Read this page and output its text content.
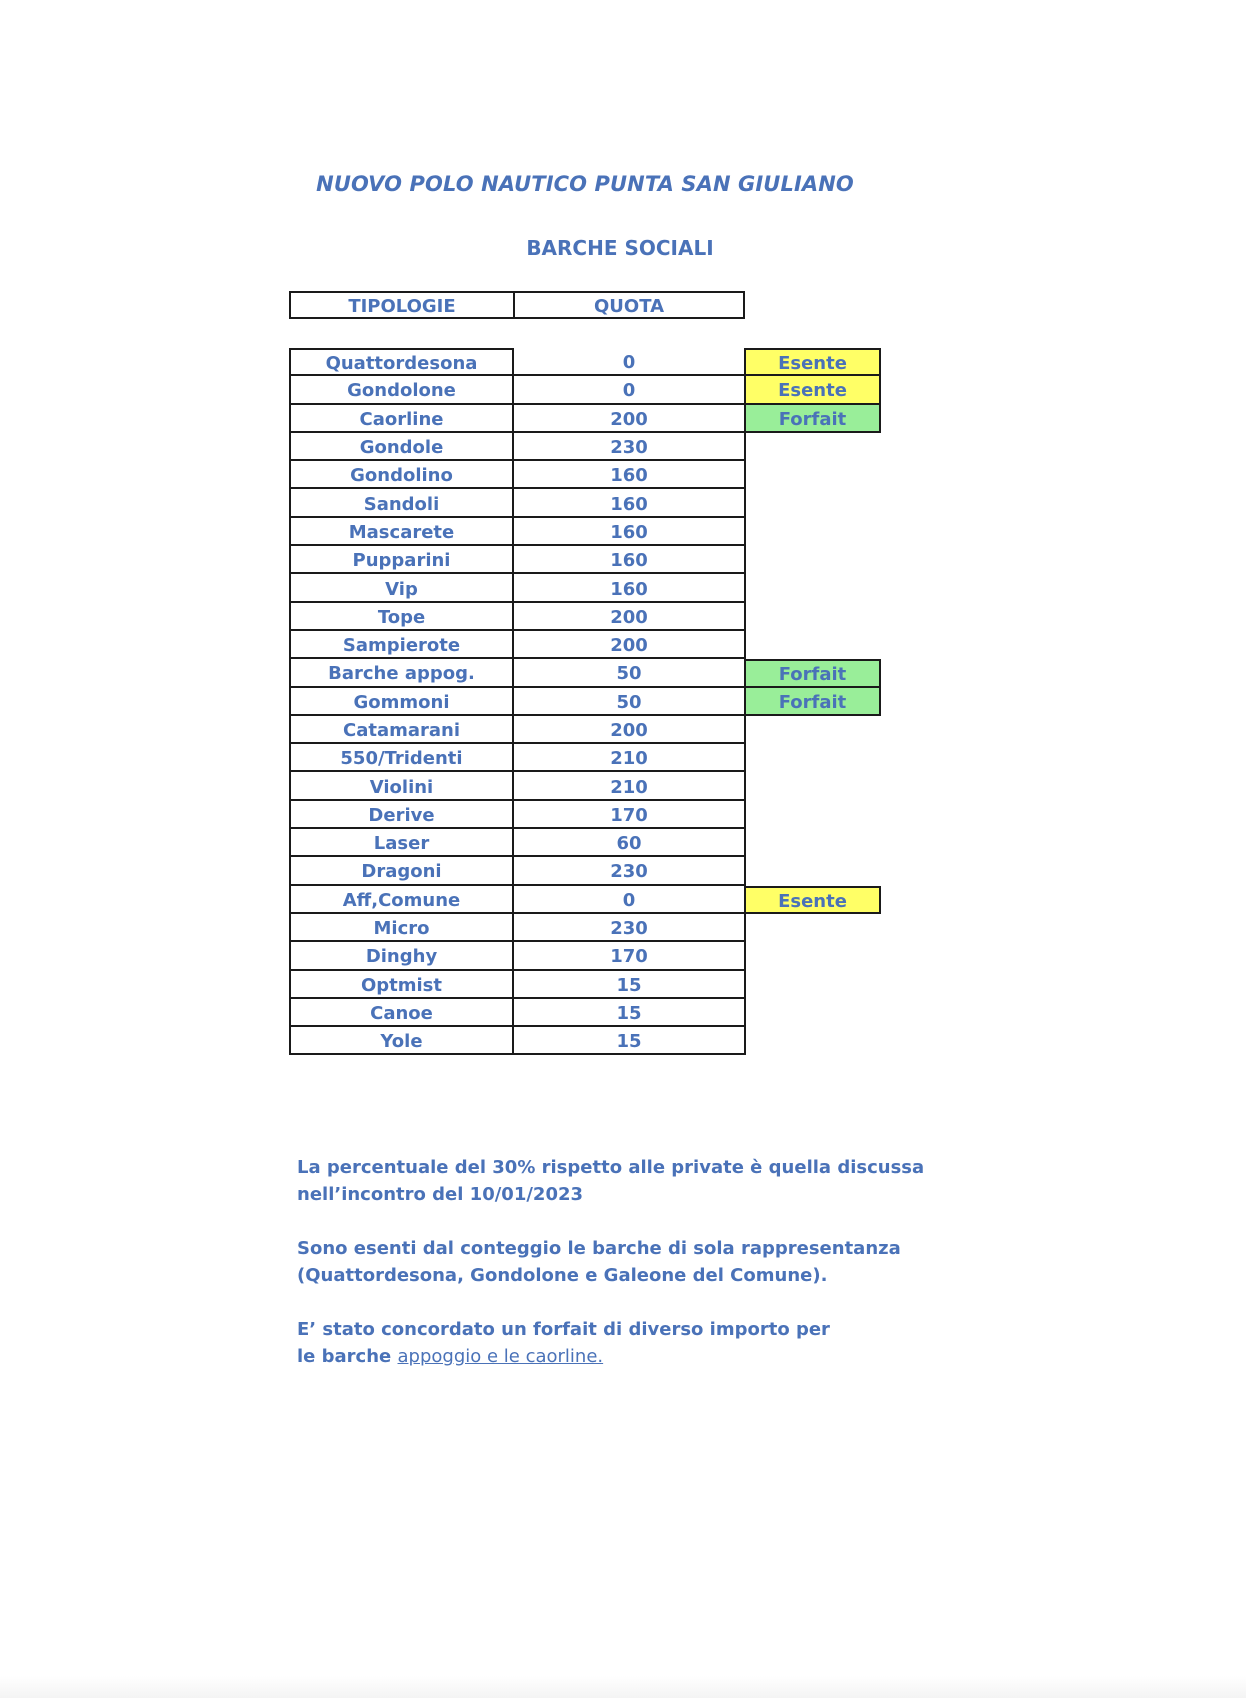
NUOVO POLO NAUTICO PUNTA SAN GIULIANO
BARCHE SOCIALI
TIPOLOGIE	QUOTA
Quattordesona	0	Esente
Gondolone	0	Esente
Caorline	200	Forfait
Gondole	230
Gondolino	160
Sandoli	160
Mascarete	160
Pupparini	160
Vip	160
Tope	200
Sampierote	200
Barche appog.	50	Forfait
Gommoni	50	Forfait
Catamarani	200
550/Tridenti	210
Violini	210
Derive	170
Laser	60
Dragoni	230
Aff,Comune	0	Esente
Micro	230
Dinghy	170
Optmist	15
Canoe	15
Yole	15

La percentuale del 30% rispetto alle private è quella discussa
nell’incontro del 10/01/2023

Sono esenti dal conteggio le barche di sola rappresentanza
(Quattordesona, Gondolone e Galeone del Comune).

E’ stato concordato un forfait di diverso importo per
le barche appoggio e le caorline.
